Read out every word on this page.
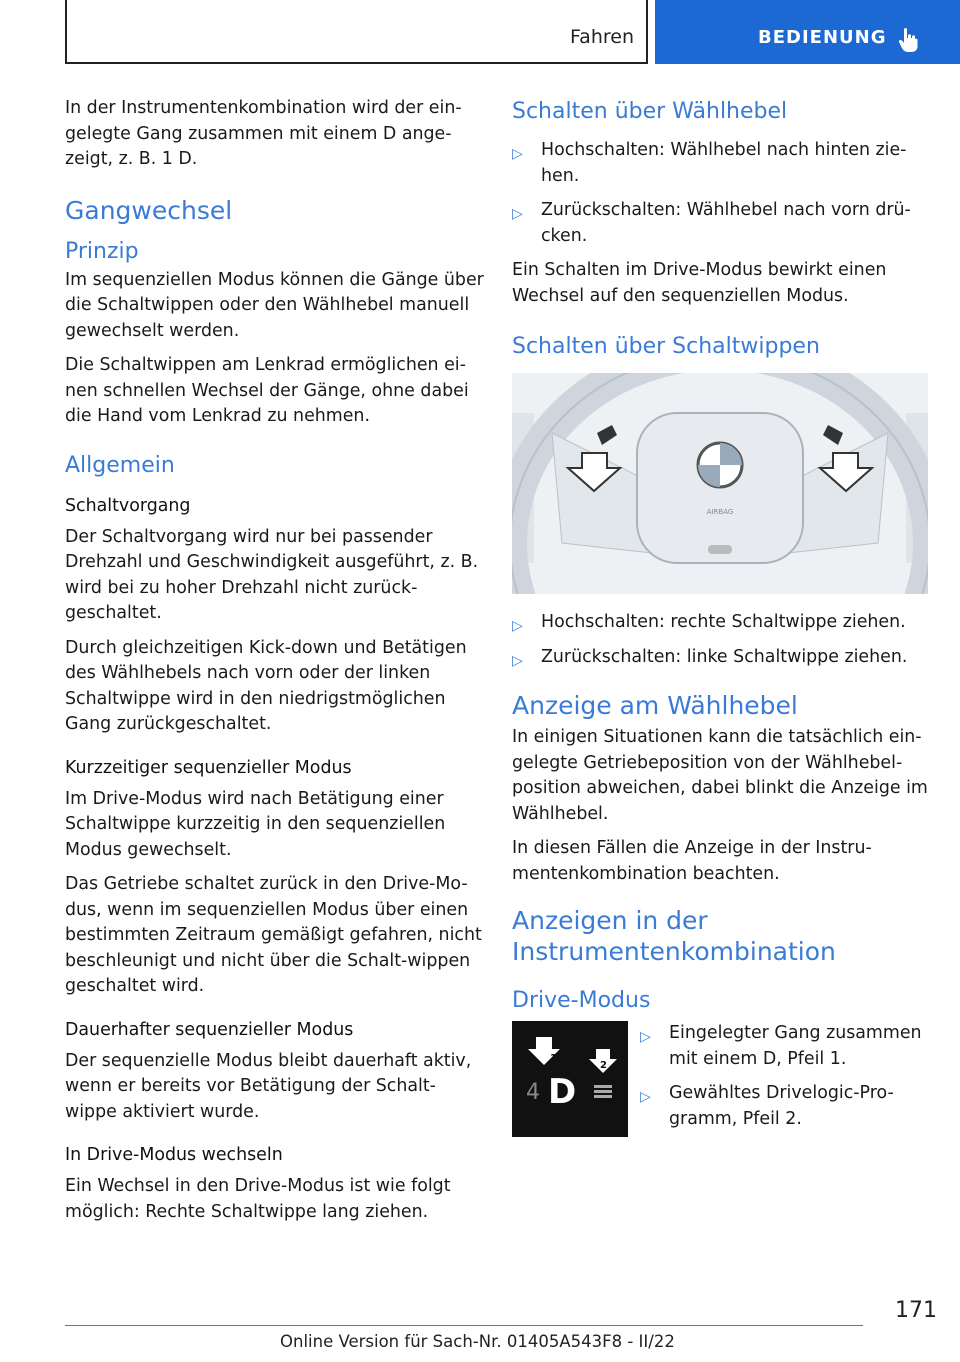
Fahren	BEDIENUNG

In der Instrumentenkombination wird der ein-gelegte Gang zusammen mit einem D ange-zeigt, z. B. 1 D.

Gangwechsel
Prinzip

Im sequenziellen Modus können die Gänge über die Schaltwippen oder den Wählhebel manuell gewechselt werden.

Die Schaltwippen am Lenkrad ermöglichen ei-nen schnellen Wechsel der Gänge, ohne dabei die Hand vom Lenkrad zu nehmen.

Allgemein
Schaltvorgang

Der Schaltvorgang wird nur bei passender Drehzahl und Geschwindigkeit ausgeführt, z. B. wird bei zu hoher Drehzahl nicht zurück-geschaltet.

Durch gleichzeitigen Kick-down und Betätigen des Wählhebels nach vorn oder der linken Schaltwippe wird in den niedrigstmöglichen Gang zurückgeschaltet.

Kurzzeitiger sequenzieller Modus

Im Drive-Modus wird nach Betätigung einer Schaltwippe kurzzeitig in den sequenziellen Modus gewechselt.

Das Getriebe schaltet zurück in den Drive-Mo-dus, wenn im sequenziellen Modus über einen bestimmten Zeitraum gemäßigt gefahren, nicht beschleunigt und nicht über die Schalt-wippen geschaltet wird.

Dauerhafter sequenzieller Modus

Der sequenzielle Modus bleibt dauerhaft aktiv, wenn er bereits vor Betätigung der Schalt-wippe aktiviert wurde.

In Drive-Modus wechseln

Ein Wechsel in den Drive-Modus ist wie folgt möglich: Rechte Schaltwippe lang ziehen.

Schalten über Wählhebel
▷ Hochschalten: Wählhebel nach hinten zie-hen.
▷ Zurückschalten: Wählhebel nach vorn drü-cken.

Ein Schalten im Drive-Modus bewirkt einen Wechsel auf den sequenziellen Modus.

Schalten über Schaltwippen
AIRBAG
▷ Hochschalten: rechte Schaltwippe ziehen.
▷ Zurückschalten: linke Schaltwippe ziehen.
Anzeige am Wählhebel

In einigen Situationen kann die tatsächlich ein-gelegte Getriebeposition von der Wählhebel-position abweichen, dabei blinkt die Anzeige im Wählhebel.

In diesen Fällen die Anzeige in der Instru-mentenkombination beachten.

Anzeigen in der
Instrumentenkombination
Drive-Modus
1
2
4 D
▷ Eingelegter Gang zusammen mit einem D, Pfeil 1.
▷ Gewähltes Drivelogic-Pro-gramm, Pfeil 2.
171
Online Version für Sach-Nr. 01405A543F8 - II/22
